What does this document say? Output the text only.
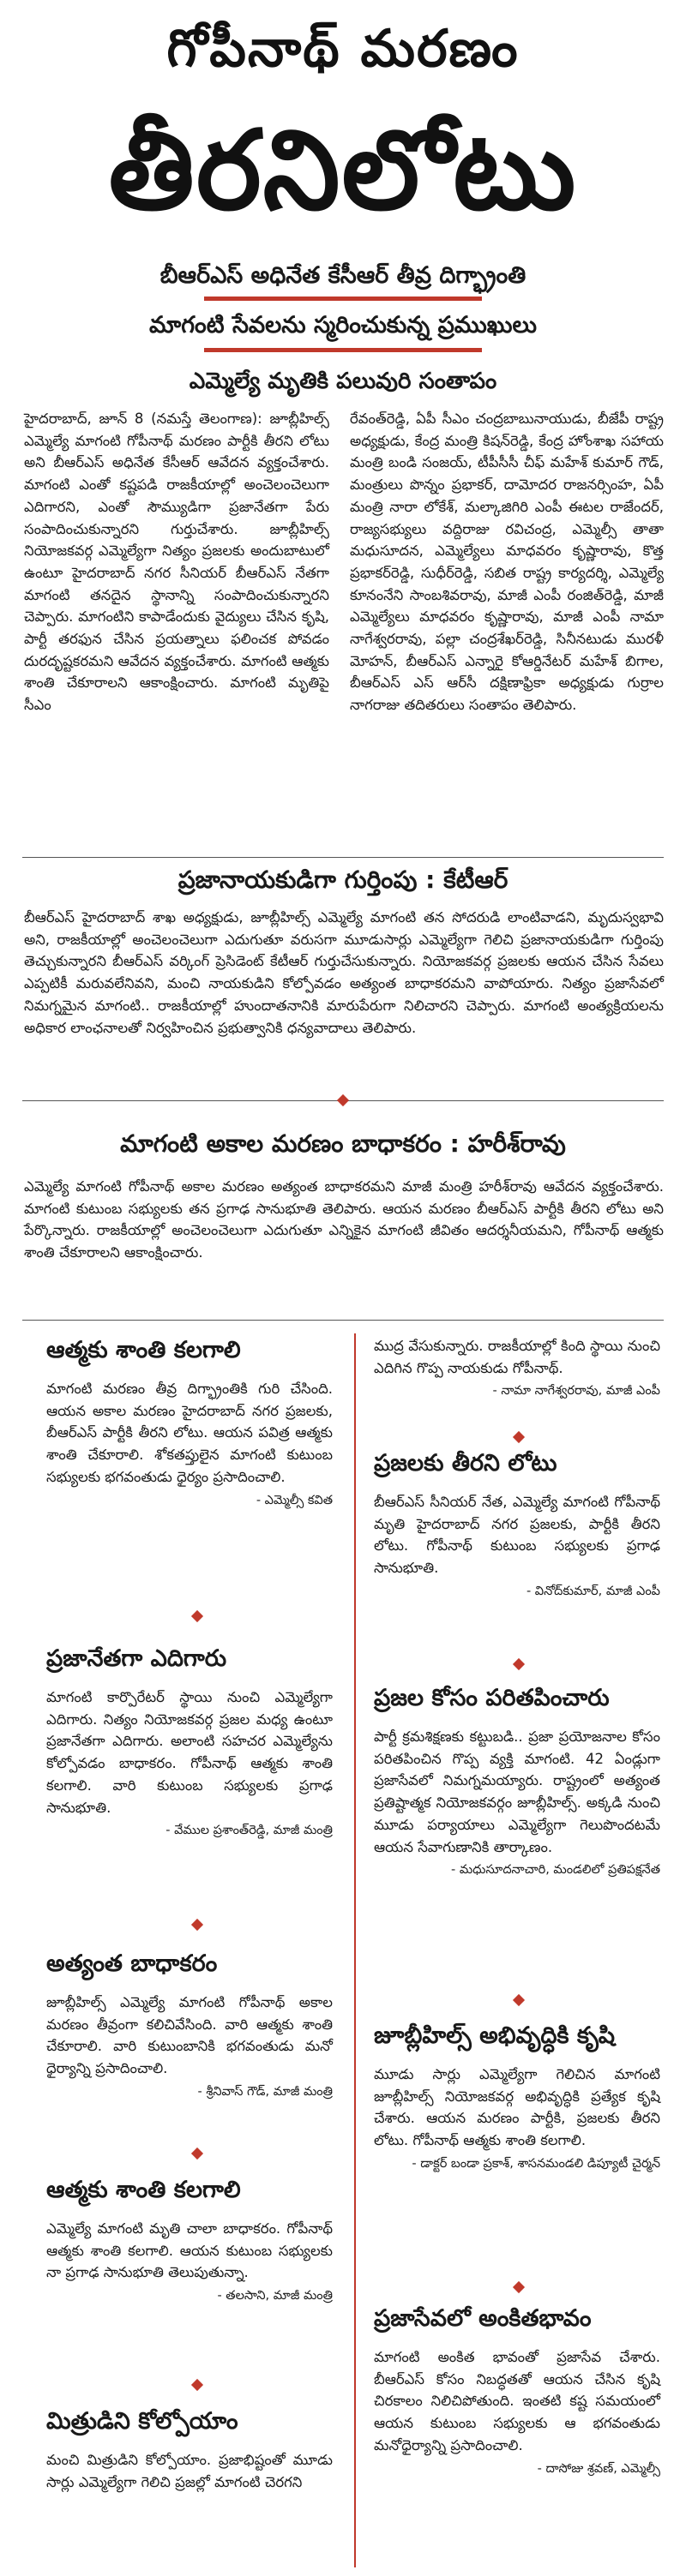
గోపీనాథ్ మరణం
తీరనిలోటు
బీఆర్ఎస్ అధినేత కేసీఆర్ తీవ్ర దిగ్భ్రాంతి
మాగంటి సేవలను స్మరించుకున్న ప్రముఖులు
ఎమ్మెల్యే మృతికి పలువురి సంతాపం

హైదరాబాద్, జూన్ 8 (నమస్తే తెలంగాణ): జూబ్లీహిల్స్ ఎమ్మెల్యే మాగంటి గోపీనాథ్ మరణం పార్టీకి తీరని లోటు అని బీఆర్ఎస్ అధినేత కేసీఆర్ ఆవేదన వ్యక్తంచేశారు. మాగంటి ఎంతో కష్టపడి రాజకీయాల్లో అంచెలంచెలుగా ఎదిగారని, ఎంతో సౌమ్యుడిగా ప్రజానేతగా పేరు సంపాదించుకున్నారని గుర్తుచేశారు. జూబ్లీహిల్స్ నియోజకవర్గ ఎమ్మెల్యేగా నిత్యం ప్రజలకు అందుబాటులో ఉంటూ హైదరాబాద్ నగర సీనియర్ బీఆర్ఎస్ నేతగా మాగంటి తనదైన స్థానాన్ని సంపాదించుకున్నారని చెప్పారు. మాగంటిని కాపాడేందుకు వైద్యులు చేసిన కృషి, పార్టీ తరఫున చేసిన ప్రయత్నాలు ఫలించక పోవడం దురదృష్టకరమని ఆవేదన వ్యక్తంచేశారు. మాగంటి ఆత్మకు శాంతి చేకూరాలని ఆకాంక్షించారు. మాగంటి మృతిపై సీఎం

రేవంత్‌రెడ్డి, ఏపీ సీఎం చంద్రబాబునాయుడు, బీజేపీ రాష్ట్ర అధ్యక్షుడు, కేంద్ర మంత్రి కిషన్‌రెడ్డి, కేంద్ర హోంశాఖ సహాయ మంత్రి బండి సంజయ్, టీపీసీసీ చీఫ్ మహేశ్ కుమార్ గౌడ్, మంత్రులు పొన్నం ప్రభాకర్, దామోదర రాజనర్సింహ, ఏపీ మంత్రి నారా లోకేశ్, మల్కాజిగిరి ఎంపీ ఈటల రాజేందర్, రాజ్యసభ్యులు వద్దిరాజు రవిచంద్ర, ఎమ్మెల్సీ తాతా మధుసూదన, ఎమ్మెల్యేలు మాధవరం కృష్ణారావు, కొత్త ప్రభాకర్‌రెడ్డి, సుధీర్‌రెడ్డి, సబిత రాష్ట్ర కార్యదర్శి, ఎమ్మెల్యే కూనంనేని సాంబశివరావు, మాజీ ఎంపీ రంజిత్‌రెడ్డి, మాజీ ఎమ్మెల్యేలు మాధవరం కృష్ణారావు, మాజీ ఎంపీ నామా నాగేశ్వరరావు, పల్లా చంద్రశేఖర్‌రెడ్డి, సినీనటుడు మురళీ మోహన్, బీఆర్ఎస్ ఎన్నారై కోఆర్డినేటర్ మహేశ్ బిగాల, బీఆర్ఎస్ ఎస్ ఆర్‌సీ దక్షిణాఫ్రికా అధ్యక్షుడు గుర్రాల నాగరాజు తదితరులు సంతాపం తెలిపారు.

ప్రజానాయకుడిగా గుర్తింపు : కేటీఆర్

బీఆర్ఎస్ హైదరాబాద్ శాఖ అధ్యక్షుడు, జూబ్లీహిల్స్ ఎమ్మెల్యే మాగంటి తన సోదరుడి లాంటివాడని, మృదుస్వభావి అని, రాజకీయాల్లో అంచెలంచెలుగా ఎదుగుతూ వరుసగా మూడుసార్లు ఎమ్మెల్యేగా గెలిచి ప్రజానాయకుడిగా గుర్తింపు తెచ్చుకున్నారని బీఆర్ఎస్ వర్కింగ్ ప్రెసిడెంట్ కేటీఆర్ గుర్తుచేసుకున్నారు. నియోజకవర్గ ప్రజలకు ఆయన చేసిన సేవలు ఎప్పటికీ మరువలేనివని, మంచి నాయకుడిని కోల్పోవడం అత్యంత బాధాకరమని వాపోయారు. నిత్యం ప్రజాసేవలో నిమగ్నమైన మాగంటి.. రాజకీయాల్లో హుందాతనానికి మారుపేరుగా నిలిచారని చెప్పారు. మాగంటి అంత్యక్రియలను అధికార లాంఛనాలతో నిర్వహించిన ప్రభుత్వానికి ధన్యవాదాలు తెలిపారు.

మాగంటి అకాల మరణం బాధాకరం : హరీశ్‌రావు

ఎమ్మెల్యే మాగంటి గోపీనాథ్ అకాల మరణం అత్యంత బాధాకరమని మాజీ మంత్రి హరీశ్‌రావు ఆవేదన వ్యక్తంచేశారు. మాగంటి కుటుంబ సభ్యులకు తన ప్రగాఢ సానుభూతి తెలిపారు. ఆయన మరణం బీఆర్ఎస్ పార్టీకి తీరని లోటు అని పేర్కొన్నారు. రాజకీయాల్లో అంచెలంచెలుగా ఎదుగుతూ ఎన్నికైన మాగంటి జీవితం ఆదర్శనీయమని, గోపీనాథ్ ఆత్మకు శాంతి చేకూరాలని ఆకాంక్షించారు.

ఆత్మకు శాంతి కలగాలి
మాగంటి మరణం తీవ్ర దిగ్భ్రాంతికి గురి చేసింది. ఆయన అకాల మరణం హైదరాబాద్ నగర ప్రజలకు, బీఆర్ఎస్ పార్టీకి తీరని లోటు. ఆయన పవిత్ర ఆత్మకు శాంతి చేకూరాలి. శోకతప్తులైన మాగంటి కుటుంబ సభ్యులకు భగవంతుడు ధైర్యం ప్రసాదించాలి.
- ఎమ్మెల్సీ కవిత
ప్రజానేతగా ఎదిగారు
మాగంటి కార్పొరేటర్ స్థాయి నుంచి ఎమ్మెల్యేగా ఎదిగారు. నిత్యం నియోజకవర్గ ప్రజల మధ్య ఉంటూ ప్రజానేతగా ఎదిగారు. అలాంటి సహచర ఎమ్మెల్యేను కోల్పోవడం బాధాకరం. గోపీనాథ్ ఆత్మకు శాంతి కలగాలి. వారి కుటుంబ సభ్యులకు ప్రగాఢ సానుభూతి.
- వేముల ప్రశాంత్‌రెడ్డి, మాజీ మంత్రి
అత్యంత బాధాకరం
జూబ్లీహిల్స్ ఎమ్మెల్యే మాగంటి గోపీనాథ్ అకాల మరణం తీవ్రంగా కలిచివేసింది. వారి ఆత్మకు శాంతి చేకూరాలి. వారి కుటుంబానికి భగవంతుడు మనో ధైర్యాన్ని ప్రసాదించాలి.
- శ్రీనివాస్ గౌడ్, మాజీ మంత్రి
ఆత్మకు శాంతి కలగాలి
ఎమ్మెల్యే మాగంటి మృతి చాలా బాధాకరం. గోపీనాథ్ ఆత్మకు శాంతి కలగాలి. ఆయన కుటుంబ సభ్యులకు నా ప్రగాఢ సానుభూతి తెలుపుతున్నా.
- తలసాని, మాజీ మంత్రి
మిత్రుడిని కోల్పోయాం
మంచి మిత్రుడిని కోల్పోయాం. ప్రజాభిష్టంతో మూడు సార్లు ఎమ్మెల్యేగా గెలిచి ప్రజల్లో మాగంటి చెరగని
ముద్ర వేసుకున్నారు. రాజకీయాల్లో కింది స్థాయి నుంచి ఎదిగిన గొప్ప నాయకుడు గోపీనాథ్.
- నామా నాగేశ్వరరావు, మాజీ ఎంపీ
ప్రజలకు తీరని లోటు
బీఆర్ఎస్ సీనియర్ నేత, ఎమ్మెల్యే మాగంటి గోపీనాథ్ మృతి హైదరాబాద్ నగర ప్రజలకు, పార్టీకి తీరని లోటు. గోపీనాథ్ కుటుంబ సభ్యులకు ప్రగాఢ సానుభూతి.
- వినోద్‌కుమార్, మాజీ ఎంపీ
ప్రజల కోసం పరితపించారు
పార్టీ క్రమశిక్షణకు కట్టుబడి.. ప్రజా ప్రయోజనాల కోసం పరితపించిన గొప్ప వ్యక్తి మాగంటి. 42 ఏండ్లుగా ప్రజాసేవలో నిమగ్నమయ్యారు. రాష్ట్రంలో అత్యంత ప్రతిష్టాత్మక నియోజకవర్గం జూబ్లీహిల్స్. అక్కడి నుంచి మూడు పర్యాయాలు ఎమ్మెల్యేగా గెలుపొందటమే ఆయన సేవాగుణానికి తార్కాణం.
- మధుసూదనాచారి, మండలిలో ప్రతిపక్షనేత
జూబ్లీహిల్స్ అభివృద్ధికి కృషి
మూడు సార్లు ఎమ్మెల్యేగా గెలిచిన మాగంటి జూబ్లీహిల్స్ నియోజకవర్గ అభివృద్ధికి ప్రత్యేక కృషి చేశారు. ఆయన మరణం పార్టీకి, ప్రజలకు తీరని లోటు. గోపీనాథ్ ఆత్మకు శాంతి కలగాలి.
- డాక్టర్ బండా ప్రకాశ్, శాసనమండలి డిప్యూటీ చైర్మన్
ప్రజాసేవలో అంకితభావం
మాగంటి అంకిత భావంతో ప్రజాసేవ చేశారు. బీఆర్ఎస్ కోసం నిబద్ధతతో ఆయన చేసిన కృషి చిరకాలం నిలిచిపోతుంది. ఇంతటి కష్ట సమయంలో ఆయన కుటుంబ సభ్యులకు ఆ భగవంతుడు మనోధైర్యాన్ని ప్రసాదించాలి.
- దాసోజు శ్రవణ్, ఎమ్మెల్సీ
